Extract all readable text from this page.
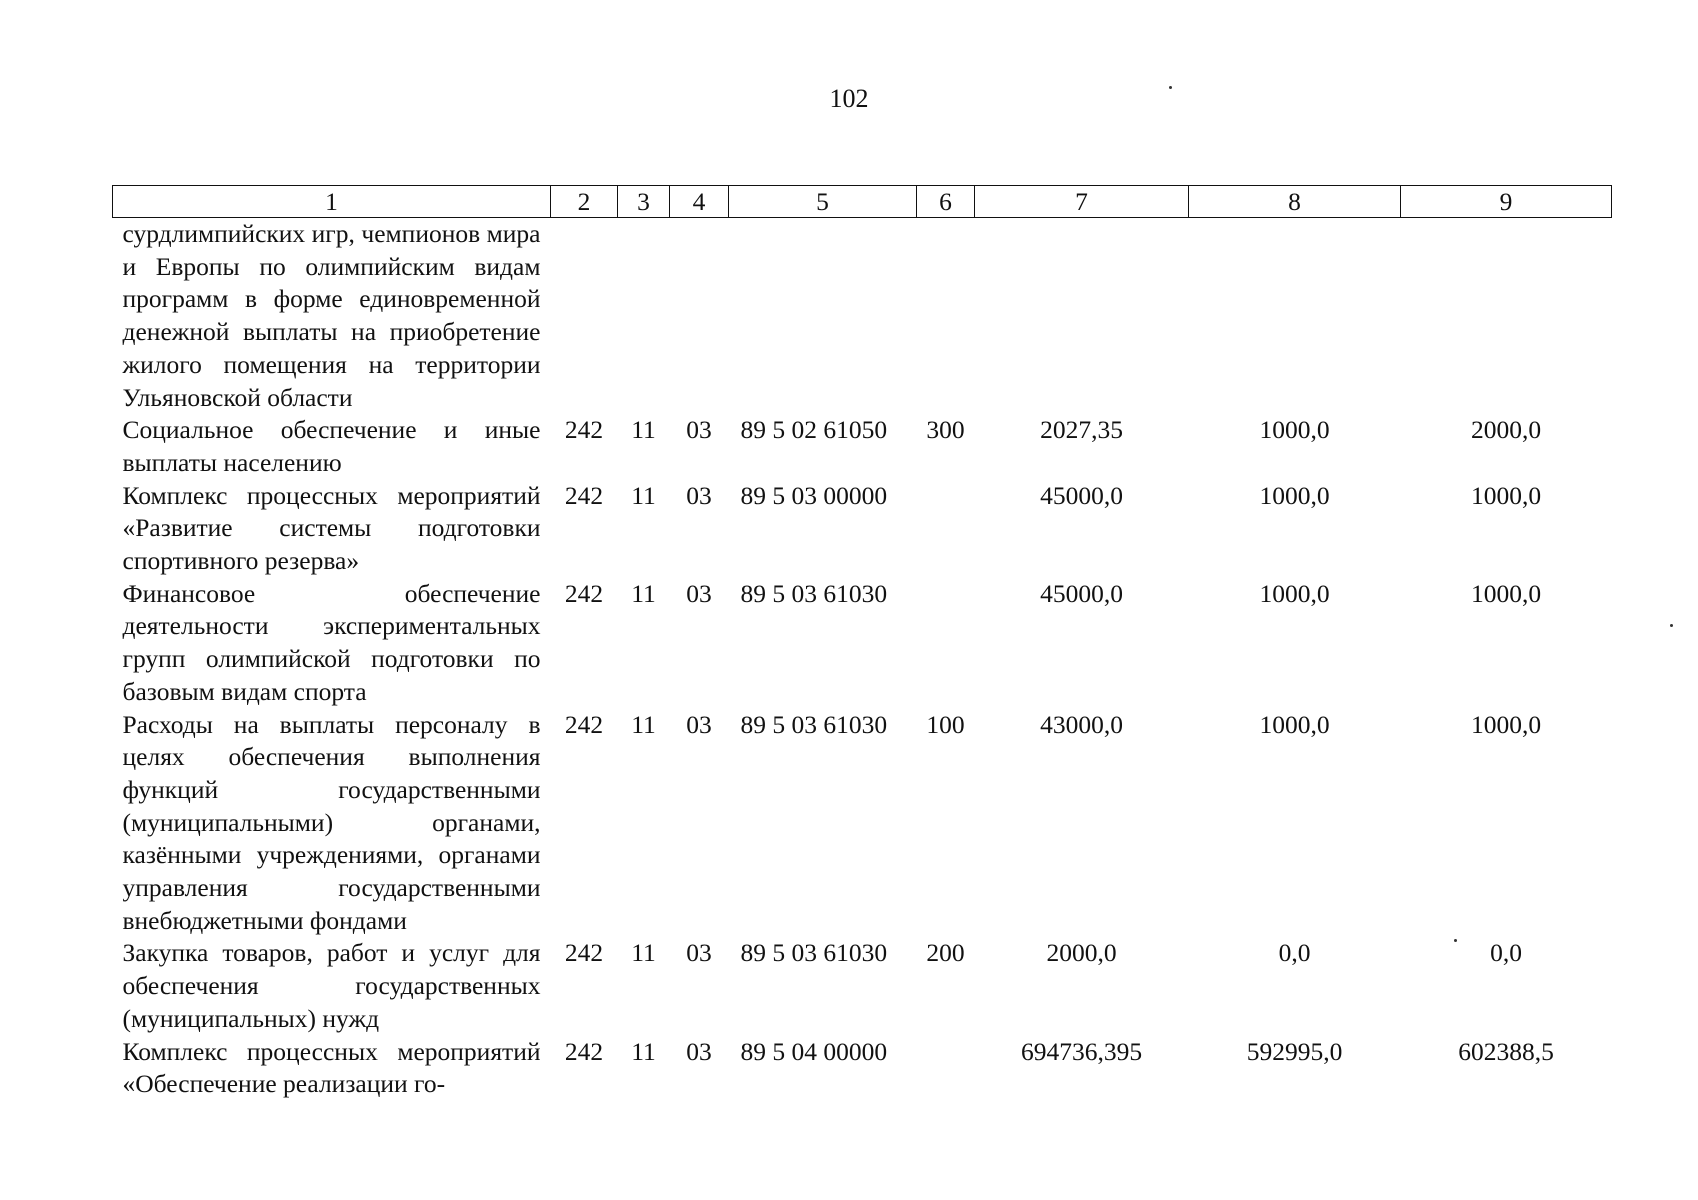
102
1	2	3	4	5	6	7	8	9
сурдлимпийских игр, чемпионов мира и Европы по олимпийским видам программ в форме единовременной денежной выплаты на приобретение жилого помещения на территории Ульяновской области								
Социальное обеспечение и иные выплаты населению	242	11	03	89 5 02 61050	300	2027,35	1000,0	2000,0
Комплекс процессных мероприятий «Развитие системы подготовки спортивного резерва»	242	11	03	89 5 03 00000		45000,0	1000,0	1000,0
Финансовое обеспечение деятельности экспериментальных групп олимпийской подготовки по базовым видам спорта	242	11	03	89 5 03 61030		45000,0	1000,0	1000,0
Расходы на выплаты персоналу в целях обеспечения выполнения функций государственными (муниципальными) органами, казёнными учреждениями, органами управления государственными внебюджетными фондами	242	11	03	89 5 03 61030	100	43000,0	1000,0	1000,0
Закупка товаров, работ и услуг для обеспечения государственных (муниципальных) нужд	242	11	03	89 5 03 61030	200	2000,0	0,0	0,0
Комплекс процессных мероприятий «Обеспечение реализации го-	242	11	03	89 5 04 00000		694736,395	592995,0	602388,5
